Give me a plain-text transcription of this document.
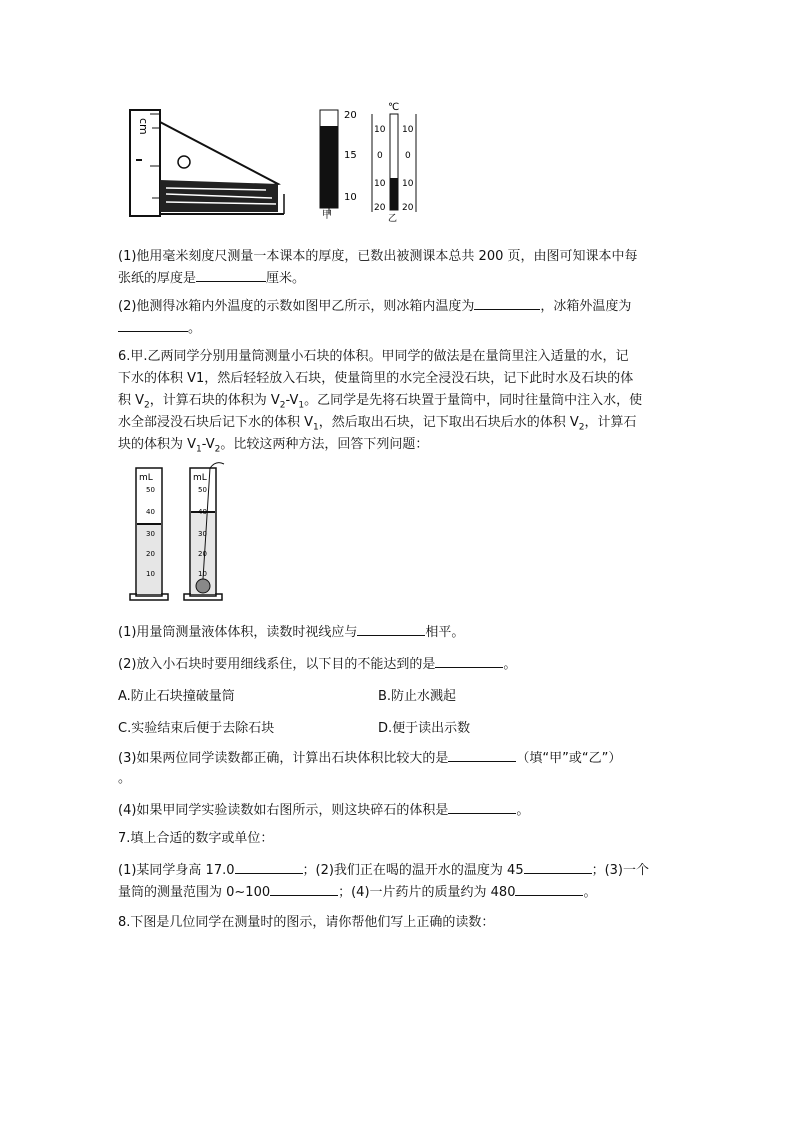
cm
20
15
10
甲
℃
10
0
10
20
10
0
10
20
乙
(1)他用毫米刻度尺测量一本课本的厚度，已数出被测课本总共 200 页，由图可知课本中每
张纸的厚度是	厘米。
(2)他测得冰箱内外温度的示数如图甲乙所示，则冰箱内温度为	，冰箱外温度为
。
6.甲.乙两同学分别用量筒测量小石块的体积。甲同学的做法是在量筒里注入适量的水，记
下水的体积 V1，然后轻轻放入石块，使量筒里的水完全浸没石块，记下此时水及石块的体
积 $V_2$，计算石块的体积为 $V_2-V_1$。乙同学是先将石块置于量筒中，同时往量筒中注入水，使
水全部浸没石块后记下水的体积 $V_1$，然后取出石块，记下取出石块后水的体积 $V_2$，计算石
块的体积为 $V_1-V_2$。比较这两种方法，回答下列问题：
mL
50
40
30
20
10
mL
50
40
30
20
10
(1)用量筒测量液体体积，读数时视线应与	相平。
(2)放入小石块时要用细线系住，以下目的不能达到的是	。
A.防止石块撞破量筒	B.防止水溅起
C.实验结束后便于去除石块	D.便于读出示数
(3)如果两位同学读数都正确，计算出石块体积比较大的是	（填“甲”或“乙”）
。
(4)如果甲同学实验读数如右图所示，则这块碎石的体积是	。
7.填上合适的数字或单位：
(1)某同学身高 17.0	；(2)我们正在喝的温开水的温度为 45	；(3)一个
量筒的测量范围为 0~100	；(4)一片药片的质量约为 480	。
8.下图是几位同学在测量时的图示，请你帮他们写上正确的读数：
